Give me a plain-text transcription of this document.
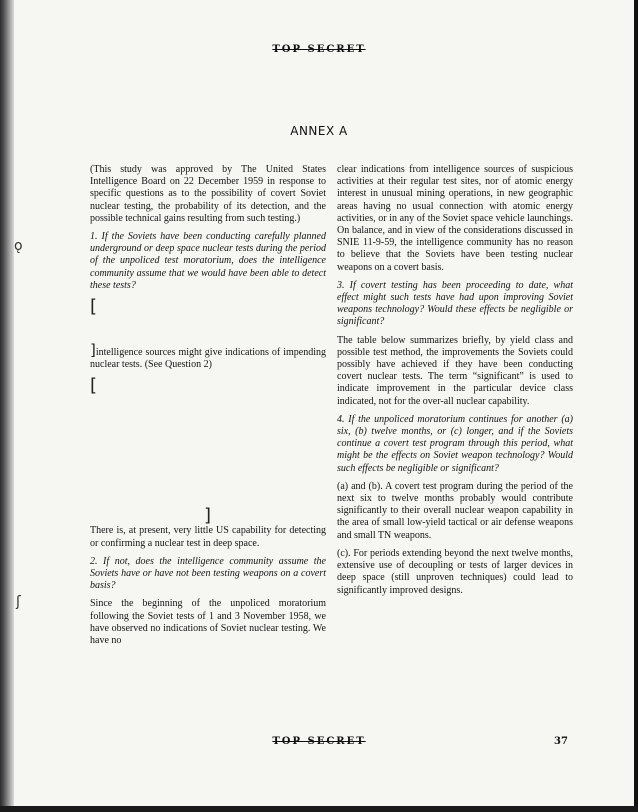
ǫ
ʃ
TOP SECRET
ANNEX A

(This study was approved by The United States Intelligence Board on 22 December 1959 in response to specific questions as to the possibility of covert Soviet nuclear testing, the probability of its detection, and the possible technical gains resulting from such testing.)

1. If the Soviets have been conducting carefully planned underground or deep space nuclear tests during the period of the unpoliced test moratorium, does the intelligence community assume that we would have been able to detect these tests?

[

]intelligence sources might give indications of impending nuclear tests. (See Question 2)

[
]

There is, at present, very little US capability for detecting or confirming a nuclear test in deep space.

2. If not, does the intelligence community assume the Soviets have or have not been testing weapons on a covert basis?

Since the beginning of the unpoliced moratorium following the Soviet tests of 1 and 3 November 1958, we have observed no indications of Soviet nuclear testing. We have no

clear indications from intelligence sources of suspicious activities at their regular test sites, nor of atomic energy interest in unusual mining operations, in new geographic areas having no usual connection with atomic energy activities, or in any of the Soviet space vehicle launchings. On balance, and in view of the considerations discussed in SNIE 11-9-59, the intelligence community has no reason to believe that the Soviets have been testing nuclear weapons on a covert basis.

3. If covert testing has been proceeding to date, what effect might such tests have had upon improving Soviet weapons technology? Would these effects be negligible or significant?

The table below summarizes briefly, by yield class and possible test method, the improvements the Soviets could possibly have achieved if they have been conducting covert nuclear tests. The term “significant” is used to indicate improvement in the particular device class indicated, not for the over-all nuclear capability.

4. If the unpoliced moratorium continues for another (a) six, (b) twelve months, or (c) longer, and if the Soviets continue a covert test program through this period, what might be the effects on Soviet weapon technology? Would such effects be negligible or significant?

(a) and (b). A covert test program during the period of the next six to twelve months probably would contribute significantly to their overall nuclear weapon capability in the area of small low-yield tactical or air defense weapons and small TN weapons.

(c). For periods extending beyond the next twelve months, extensive use of decoupling or tests of larger devices in deep space (still unproven techniques) could lead to significantly improved designs.

TOP SECRET	37
